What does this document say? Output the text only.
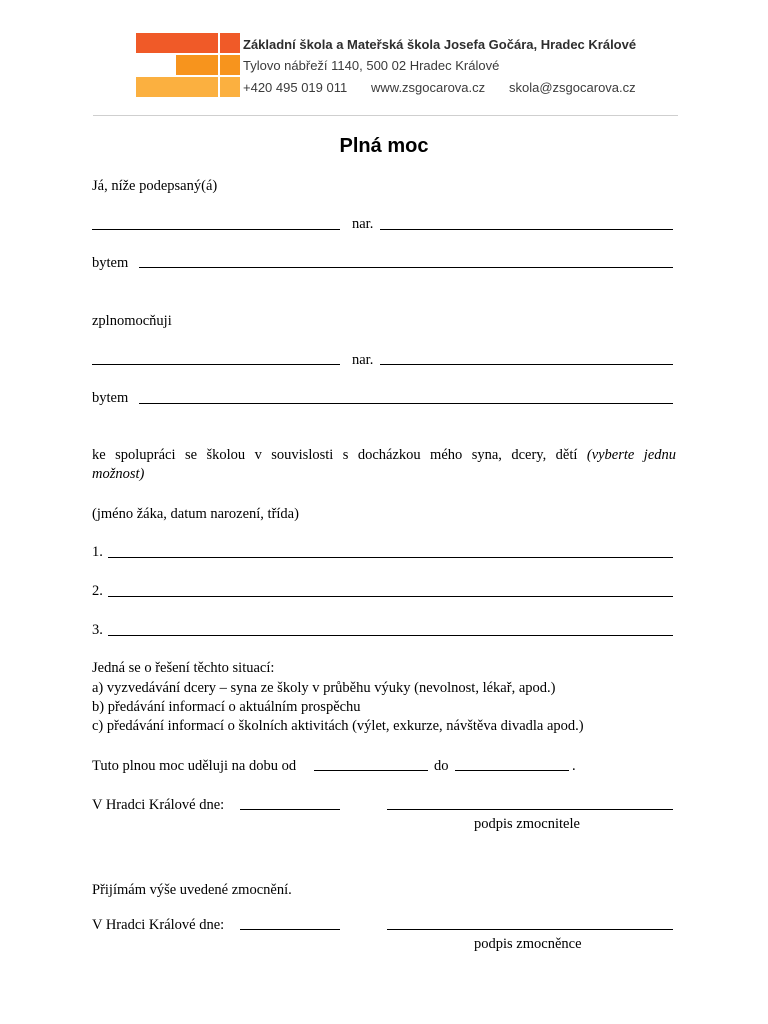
Základní škola a Mateřská škola Josefa Gočára, Hradec Králové
Tylovo nábřeží 1140, 500 02 Hradec Králové
+420 495 019 011 www.zsgocarova.cz skola@zsgocarova.cz
Plná moc
Já, níže podepsaný(á)
nar.
bytem
zplnomocňuji
nar.
bytem
ke spolupráci se školou v souvislosti s docházkou mého syna, dcery, dětí (vyberte jednu
možnost)
(jméno žáka, datum narození, třída)
1.
2.
3.
Jedná se o řešení těchto situací:
a) vyzvedávání dcery – syna ze školy v průběhu výuky (nevolnost, lékař, apod.)
b) předávání informací o aktuálním prospěchu
c) předávání informací o školních aktivitách (výlet, exkurze, návštěva divadla apod.)
Tuto plnou moc uděluji na dobu od	do	.
V Hradci Králové dne:
podpis zmocnitele
Přijímám výše uvedené zmocnění.
V Hradci Králové dne:
podpis zmocněnce
